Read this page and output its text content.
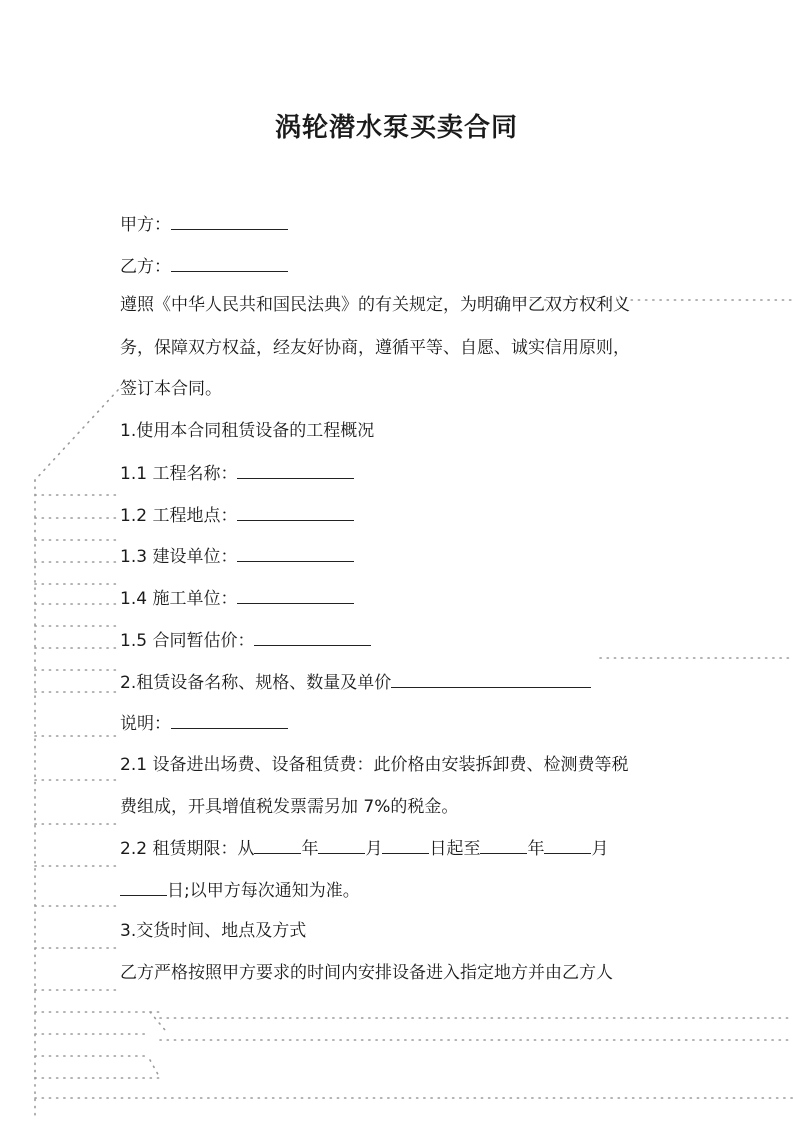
涡轮潜水泵买卖合同

甲方：

乙方：

遵照《中华人民共和国民法典》的有关规定，为明确甲乙双方权利义

务，保障双方权益，经友好协商，遵循平等、自愿、诚实信用原则，

签订本合同。

1.使用本合同租赁设备的工程概况

1.1 工程名称：

1.2 工程地点：

1.3 建设单位：

1.4 施工单位：

1.5 合同暂估价：

2.租赁设备名称、规格、数量及单价

说明：

2.1 设备进出场费、设备租赁费：此价格由安装拆卸费、检测费等税

费组成，开具增值税发票需另加 7%的税金。

2.2 租赁期限：从	年	月	日起至	年	月

日;以甲方每次通知为准。

3.交货时间、地点及方式

乙方严格按照甲方要求的时间内安排设备进入指定地方并由乙方人
